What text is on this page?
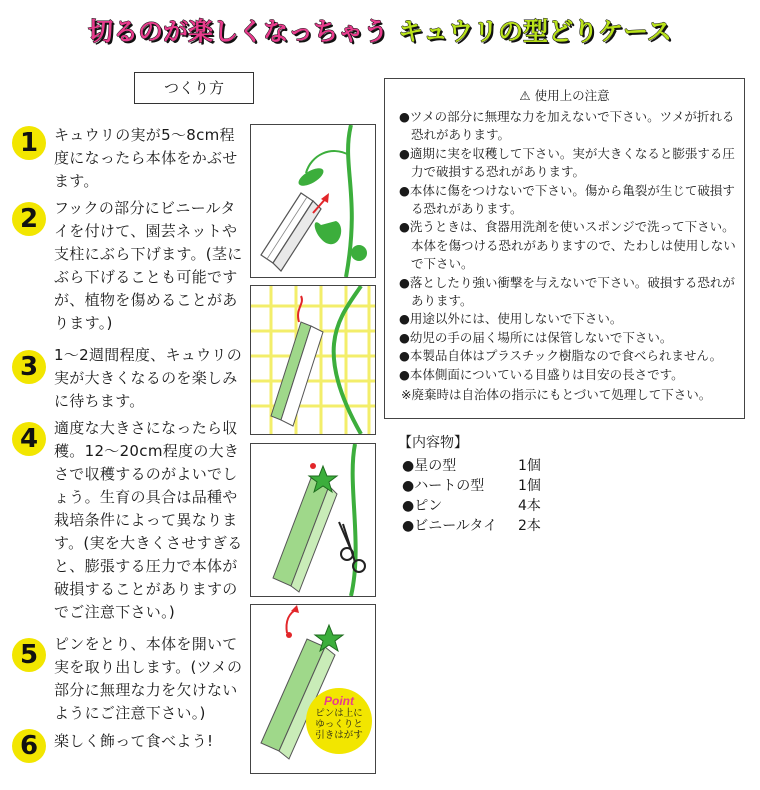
切るのが楽しくなっちゃう キュウリの型どりケース
つくり方
1	キュウリの実が5〜8cm程度になったら本体をかぶせます。
2	フックの部分にビニールタイを付けて、園芸ネットや支柱にぶら下げます。(茎にぶら下げることも可能ですが、植物を傷めることがあります。)
3	1〜2週間程度、キュウリの実が大きくなるのを楽しみに待ちます。
4	適度な大きさになったら収穫。12〜20cm程度の大きさで収穫するのがよいでしょう。生育の具合は品種や栽培条件によって異なります。(実を大きくさせすぎると、膨張する圧力で本体が破損することがありますのでご注意下さい。)
5	ピンをとり、本体を開いて実を取り出します。(ツメの部分に無理な力を欠けないようにご注意下さい。)
6	楽しく飾って食べよう!
Point
ピンは上にゆっくりと引きはがす
⚠ 使用上の注意
●ツメの部分に無理な力を加えないで下さい。ツメが折れる恐れがあります。
●適期に実を収穫して下さい。実が大きくなると膨張する圧力で破損する恐れがあります。
●本体に傷をつけないで下さい。傷から亀裂が生じて破損する恐れがあります。
●洗うときは、食器用洗剤を使いスポンジで洗って下さい。本体を傷つける恐れがありますので、たわしは使用しないで下さい。
●落としたり強い衝撃を与えないで下さい。破損する恐れがあります。
●用途以外には、使用しないで下さい。
●幼児の手の届く場所には保管しないで下さい。
●本製品自体はプラスチック樹脂なので食べられません。
●本体側面についている目盛りは目安の長さです。
※廃棄時は自治体の指示にもとづいて処理して下さい。
【内容物】
●星の型	1個
●ハートの型	1個
●ピン	4本
●ビニールタイ	2本
